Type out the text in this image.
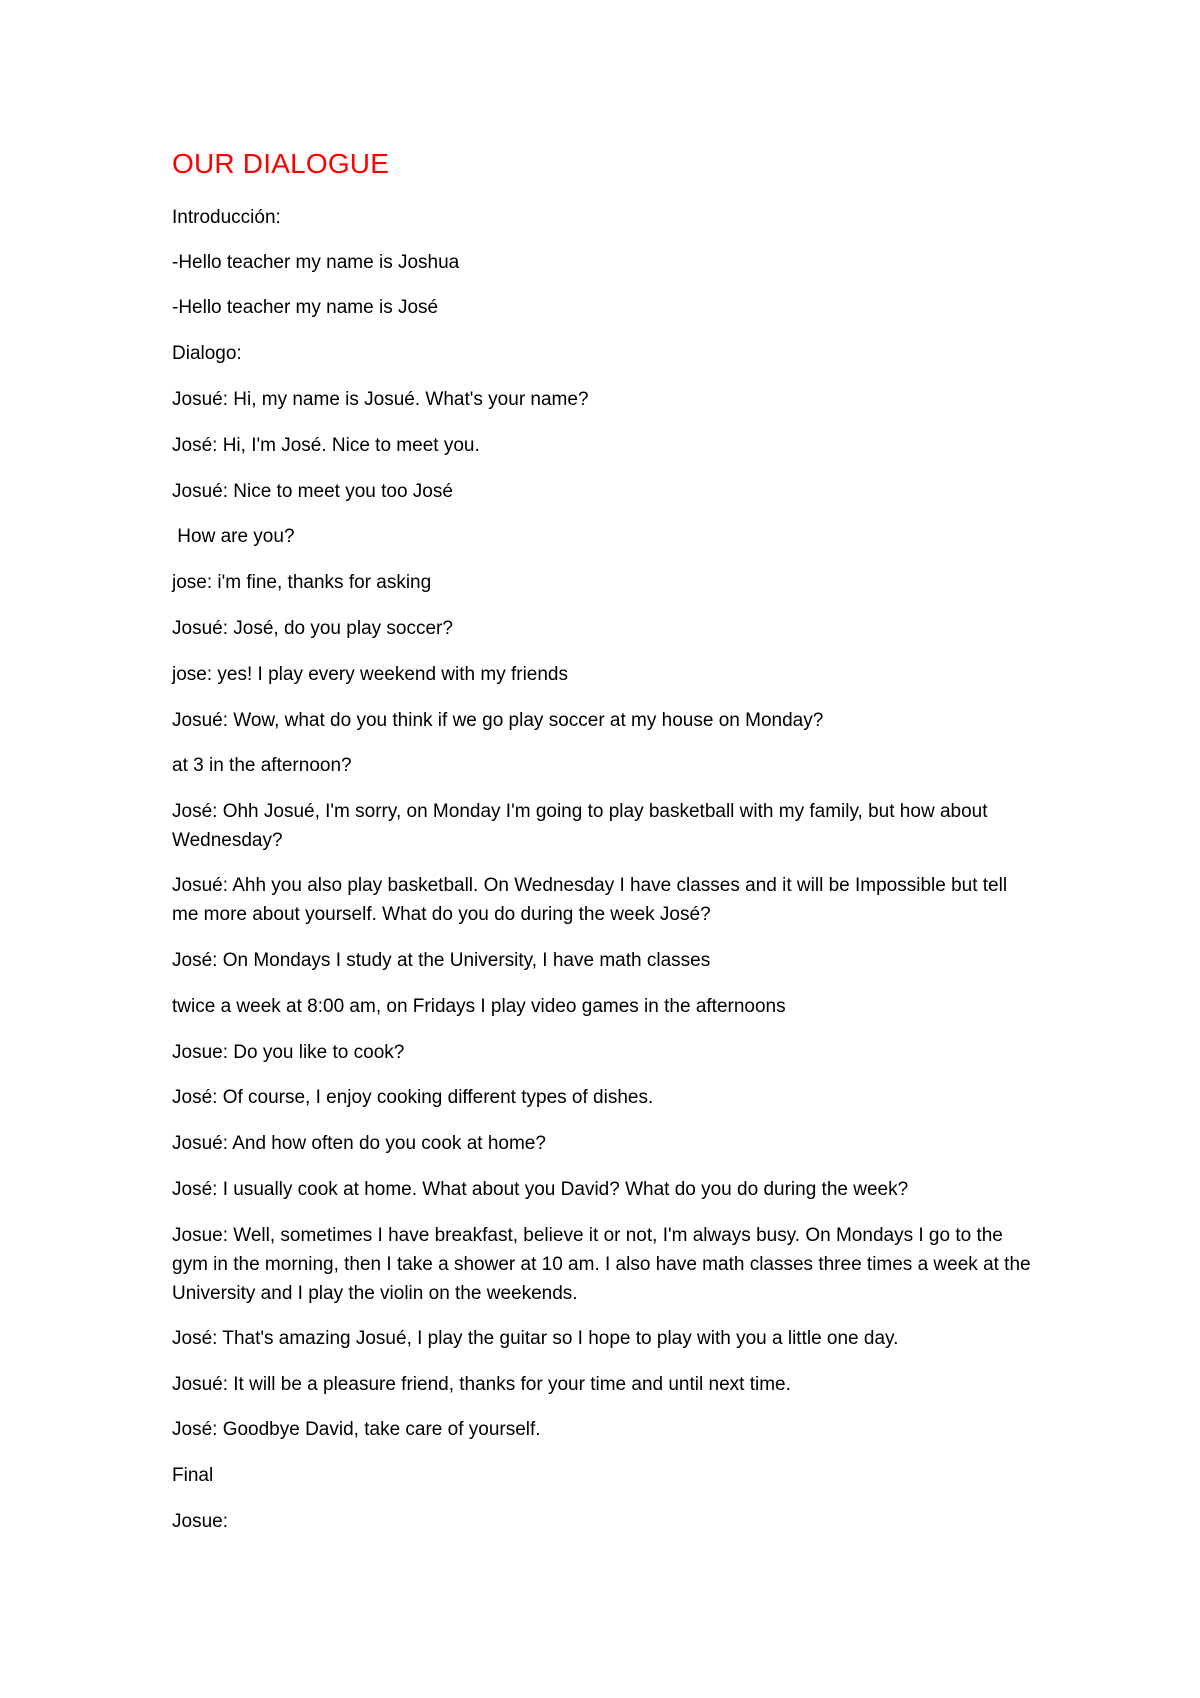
OUR DIALOGUE
Introducción:
-Hello teacher my name is Joshua
-Hello teacher my name is José
Dialogo:
Josué: Hi, my name is Josué. What's your name?
José: Hi, I'm José. Nice to meet you.
Josué: Nice to meet you too José
How are you?
jose: i'm fine, thanks for asking
Josué: José, do you play soccer?
jose: yes! I play every weekend with my friends
Josué: Wow, what do you think if we go play soccer at my house on Monday?
at 3 in the afternoon?
José: Ohh Josué, I'm sorry, on Monday I'm going to play basketball with my family, but how about Wednesday?
Josué: Ahh you also play basketball. On Wednesday I have classes and it will be Impossible but tell me more about yourself. What do you do during the week José?
José: On Mondays I study at the University, I have math classes
twice a week at 8:00 am, on Fridays I play video games in the afternoons
Josue: Do you like to cook?
José: Of course, I enjoy cooking different types of dishes.
Josué: And how often do you cook at home?
José: I usually cook at home. What about you David? What do you do during the week?
Josue: Well, sometimes I have breakfast, believe it or not, I'm always busy. On Mondays I go to the gym in the morning, then I take a shower at 10 am. I also have math classes three times a week at the University and I play the violin on the weekends.
José: That's amazing Josué, I play the guitar so I hope to play with you a little one day.
Josué: It will be a pleasure friend, thanks for your time and until next time.
José: Goodbye David, take care of yourself.
Final
Josue:
